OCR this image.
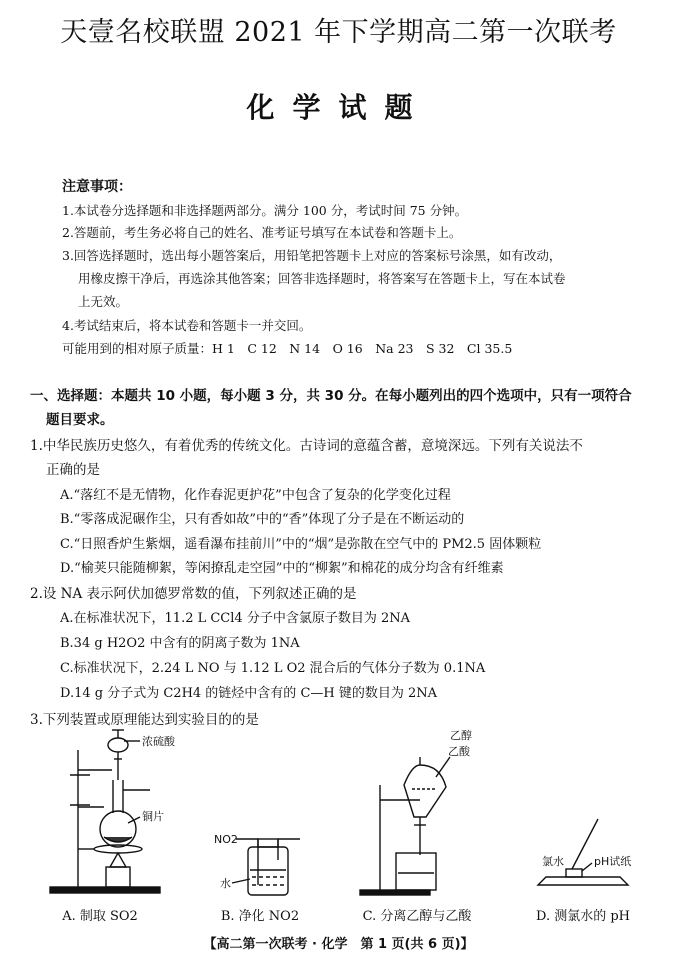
天壹名校联盟 2021 年下学期高二第一次联考
化学试题
注意事项：
1.本试卷分选择题和非选择题两部分。满分 100 分，考试时间 75 分钟。
2.答题前，考生务必将自己的姓名、准考证号填写在本试卷和答题卡上。
3.回答选择题时，选出每小题答案后，用铅笔把答题卡上对应的答案标号涂黑，如有改动，
用橡皮擦干净后，再选涂其他答案；回答非选择题时，将答案写在答题卡上，写在本试卷
上无效。
4.考试结束后，将本试卷和答题卡一并交回。
可能用到的相对原子质量：H 1　C 12　N 14　O 16　Na 23　S 32　Cl 35.5
一、选择题：本题共 10 小题，每小题 3 分，共 30 分。在每小题列出的四个选项中，只有一项符合
题目要求。
1.中华民族历史悠久，有着优秀的传统文化。古诗词的意蕴含蓄，意境深远。下列有关说法不
正确的是
A.“落红不是无情物，化作春泥更护花”中包含了复杂的化学变化过程
B.“零落成泥碾作尘，只有香如故”中的“香”体现了分子是在不断运动的
C.“日照香炉生紫烟，遥看瀑布挂前川”中的“烟”是弥散在空气中的 PM2.5 固体颗粒
D.“榆荚只能随柳絮，等闲撩乱走空园”中的“柳絮”和棉花的成分均含有纤维素
2.设 NA 表示阿伏加德罗常数的值，下列叙述正确的是
A.在标准状况下，11.2 L CCl4 分子中含氯原子数目为 2NA
B.34 g H2O2 中含有的阴离子数为 1NA
C.标准状况下，2.24 L NO 与 1.12 L O2 混合后的气体分子数为 0.1NA
D.14 g 分子式为 C2H4 的链烃中含有的 C—H 键的数目为 2NA
3.下列装置或原理能达到实验目的的是
浓硫酸
铜片
NO2
水
乙醇
乙酸
氯水	pH试纸
A. 制取 SO2	B. 净化 NO2	C. 分离乙醇与乙酸	D. 测氯水的 pH
【高二第一次联考 · 化学　第 1 页(共 6 页)】
